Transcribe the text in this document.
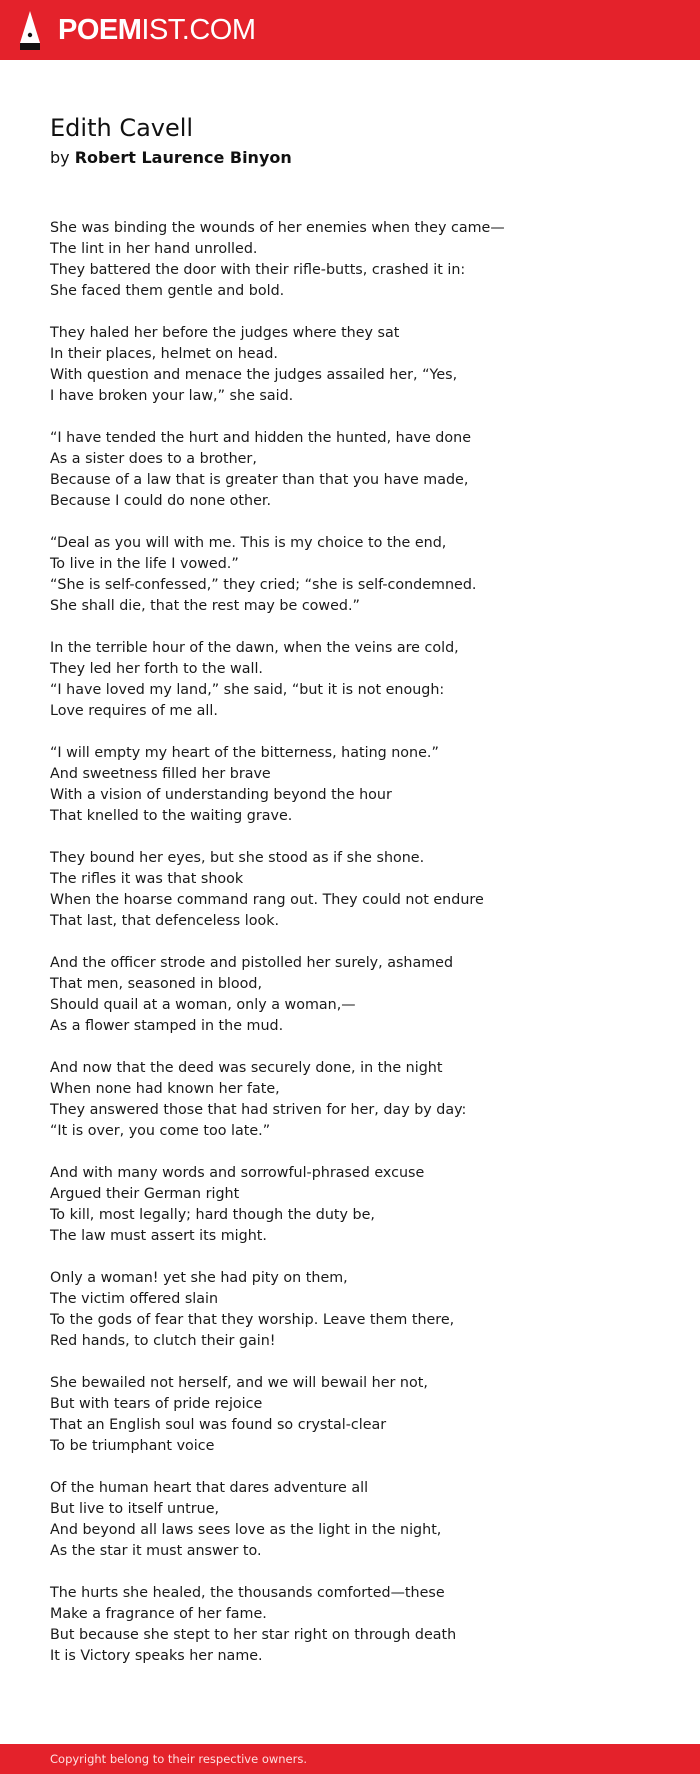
POEMIST.COM
Edith Cavell
by Robert Laurence Binyon
She was binding the wounds of her enemies when they came—
The lint in her hand unrolled.
They battered the door with their rifle-butts, crashed it in:
She faced them gentle and bold.
They haled her before the judges where they sat
In their places, helmet on head.
With question and menace the judges assailed her, “Yes,
I have broken your law,” she said.
“I have tended the hurt and hidden the hunted, have done
As a sister does to a brother,
Because of a law that is greater than that you have made,
Because I could do none other.
“Deal as you will with me. This is my choice to the end,
To live in the life I vowed.”
“She is self-confessed,” they cried; “she is self-condemned.
She shall die, that the rest may be cowed.”
In the terrible hour of the dawn, when the veins are cold,
They led her forth to the wall.
“I have loved my land,” she said, “but it is not enough:
Love requires of me all.
“I will empty my heart of the bitterness, hating none.”
And sweetness filled her brave
With a vision of understanding beyond the hour
That knelled to the waiting grave.
They bound her eyes, but she stood as if she shone.
The rifles it was that shook
When the hoarse command rang out. They could not endure
That last, that defenceless look.
And the officer strode and pistolled her surely, ashamed
That men, seasoned in blood,
Should quail at a woman, only a woman,—
As a flower stamped in the mud.
And now that the deed was securely done, in the night
When none had known her fate,
They answered those that had striven for her, day by day:
“It is over, you come too late.”
And with many words and sorrowful-phrased excuse
Argued their German right
To kill, most legally; hard though the duty be,
The law must assert its might.
Only a woman! yet she had pity on them,
The victim offered slain
To the gods of fear that they worship. Leave them there,
Red hands, to clutch their gain!
She bewailed not herself, and we will bewail her not,
But with tears of pride rejoice
That an English soul was found so crystal-clear
To be triumphant voice
Of the human heart that dares adventure all
But live to itself untrue,
And beyond all laws sees love as the light in the night,
As the star it must answer to.
The hurts she healed, the thousands comforted—these
Make a fragrance of her fame.
But because she stept to her star right on through death
It is Victory speaks her name.
Copyright belong to their respective owners.
